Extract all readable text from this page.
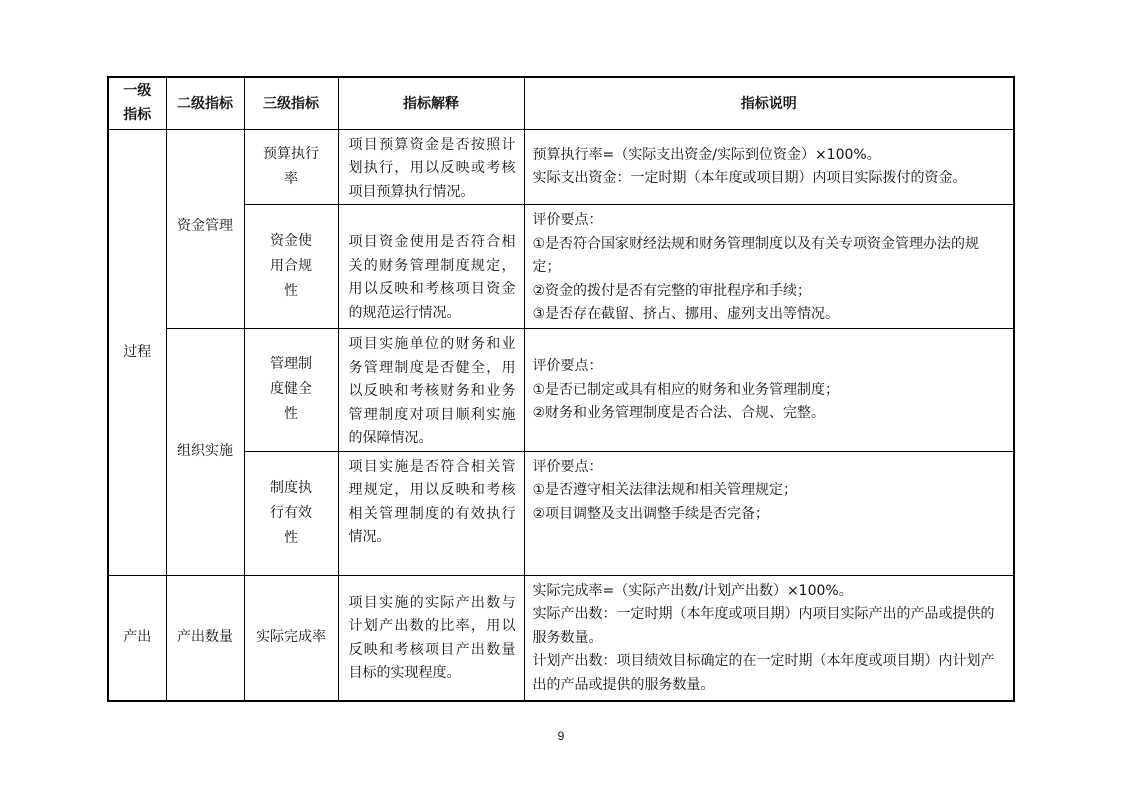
一级指标	二级指标	三级指标	指标解释	指标说明
过程	资金管理	预算执行率	项目预算资金是否按照计划执行，用以反映或考核项目预算执行情况。	预算执行率=（实际支出资金/实际到位资金）×100%。
实际支出资金：一定时期（本年度或项目期）内项目实际拨付的资金。

		资金使用合规性	项目资金使用是否符合相关的财务管理制度规定，用以反映和考核项目资金的规范运行情况。	评价要点：
①是否符合国家财经法规和财务管理制度以及有关专项资金管理办法的规定；
②资金的拨付是否有完整的审批程序和手续；
③是否存在截留、挤占、挪用、虚列支出等情况。

	组织实施	管理制度健全性	项目实施单位的财务和业务管理制度是否健全，用以反映和考核财务和业务管理制度对项目顺利实施的保障情况。	评价要点：
①是否已制定或具有相应的财务和业务管理制度；
②财务和业务管理制度是否合法、合规、完整。

		制度执行有效性	项目实施是否符合相关管理规定，用以反映和考核相关管理制度的有效执行情况。	评价要点：
①是否遵守相关法律法规和相关管理规定；
②项目调整及支出调整手续是否完备；

产出	产出数量	实际完成率	项目实施的实际产出数与计划产出数的比率，用以反映和考核项目产出数量目标的实现程度。	实际完成率=（实际产出数/计划产出数）×100%。
实际产出数：一定时期（本年度或项目期）内项目实际产出的产品或提供的服务数量。
计划产出数：项目绩效目标确定的在一定时期（本年度或项目期）内计划产出的产品或提供的服务数量。
9
